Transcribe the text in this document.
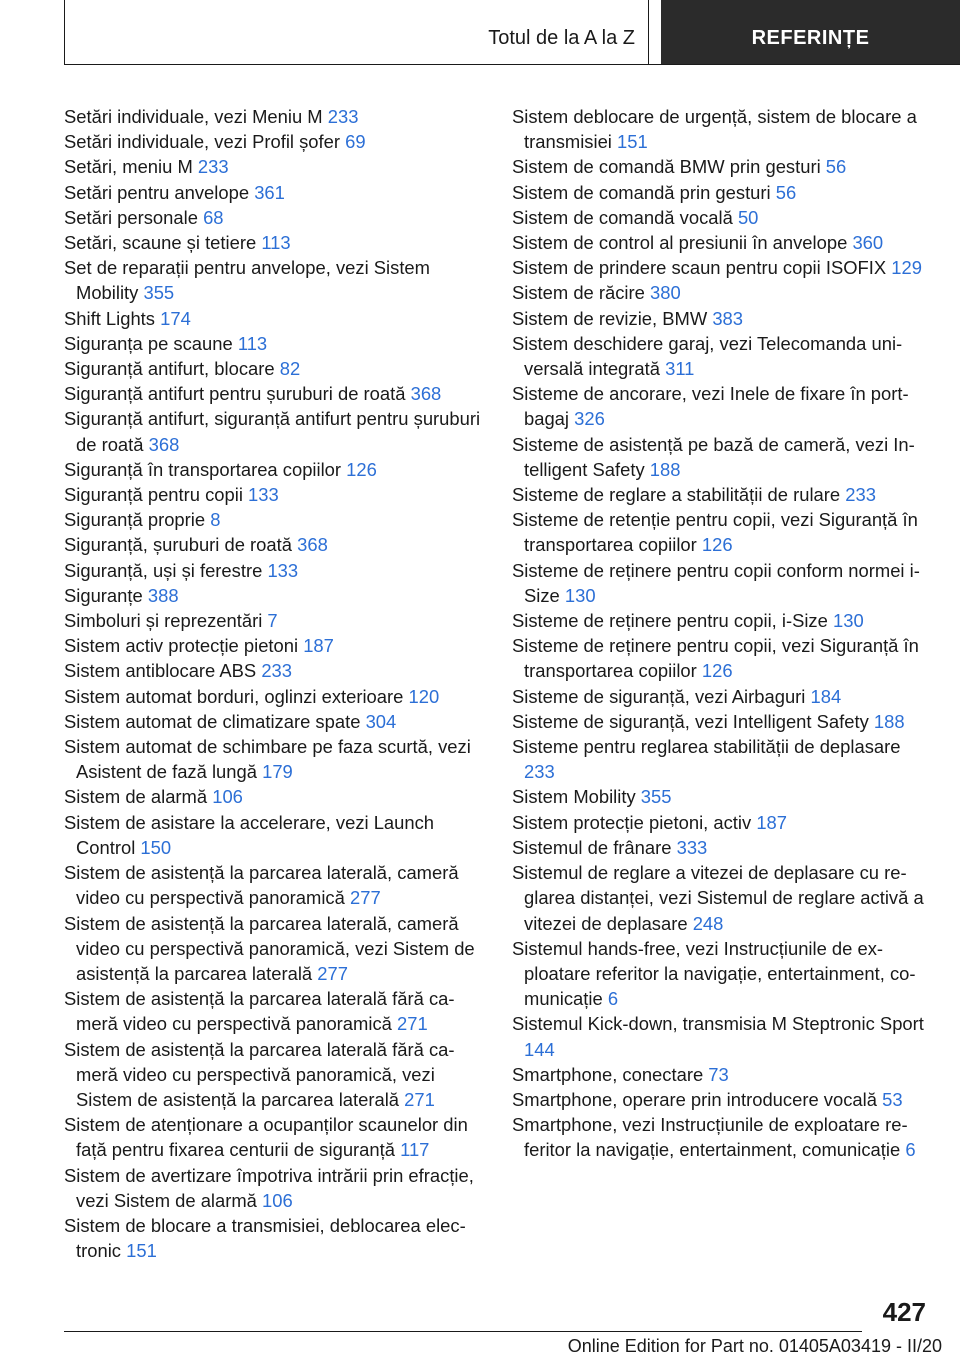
Totul de la A la Z	REFERINȚE
Setări individuale, vezi Meniu M 233
Setări individuale, vezi Profil șofer 69
Setări, meniu M 233
Setări pentru anvelope 361
Setări personale 68
Setări, scaune și tetiere 113
Set de reparații pentru anvelope, vezi Sistem Mobility 355
Shift Lights 174
Siguranța pe scaune 113
Siguranță antifurt, blocare 82
Siguranță antifurt pentru șuruburi de roată 368
Siguranță antifurt, siguranță antifurt pentru șuruburi de roată 368
Siguranță în transportarea copiilor 126
Siguranță pentru copii 133
Siguranță proprie 8
Siguranță, șuruburi de roată 368
Siguranță, uși și ferestre 133
Siguranțe 388
Simboluri și reprezentări 7
Sistem activ protecție pietoni 187
Sistem antiblocare ABS 233
Sistem automat borduri, oglinzi exterioare 120
Sistem automat de climatizare spate 304
Sistem automat de schimbare pe faza scurtă, vezi Asistent de fază lungă 179
Sistem de alarmă 106
Sistem de asistare la accelerare, vezi Launch Control 150
Sistem de asistență la parcarea laterală, cameră video cu perspectivă panoramică 277
Sistem de asistență la parcarea laterală, cameră video cu perspectivă panoramică, vezi Sistem de asistență la parcarea laterală 277
Sistem de asistență la parcarea laterală fără cameră video cu perspectivă panoramică 271
Sistem de asistență la parcarea laterală fără cameră video cu perspectivă panoramică, vezi Sistem de asistență la parcarea laterală 271
Sistem de atenționare a ocupanților scaunelor din față pentru fixarea centurii de siguranță 117
Sistem de avertizare împotriva intrării prin efracție, vezi Sistem de alarmă 106
Sistem de blocare a transmisiei, deblocarea electronic 151
Sistem deblocare de urgență, sistem de blocare a transmisiei 151
Sistem de comandă BMW prin gesturi 56
Sistem de comandă prin gesturi 56
Sistem de comandă vocală 50
Sistem de control al presiunii în anvelope 360
Sistem de prindere scaun pentru copii ISOFIX 129
Sistem de răcire 380
Sistem de revizie, BMW 383
Sistem deschidere garaj, vezi Telecomanda universală integrată 311
Sisteme de ancorare, vezi Inele de fixare în portbagaj 326
Sisteme de asistență pe bază de cameră, vezi Intelligent Safety 188
Sisteme de reglare a stabilității de rulare 233
Sisteme de retenție pentru copii, vezi Siguranță în transportarea copiilor 126
Sisteme de reținere pentru copii conform normei i-Size 130
Sisteme de reținere pentru copii, i-Size 130
Sisteme de reținere pentru copii, vezi Siguranță în transportarea copiilor 126
Sisteme de siguranță, vezi Airbaguri 184
Sisteme de siguranță, vezi Intelligent Safety 188
Sisteme pentru reglarea stabilității de deplasare 233
Sistem Mobility 355
Sistem protecție pietoni, activ 187
Sistemul de frânare 333
Sistemul de reglare a vitezei de deplasare cu reglarea distanței, vezi Sistemul de reglare activă a vitezei de deplasare 248
Sistemul hands-free, vezi Instrucțiunile de exploatare referitor la navigație, entertainment, comunicație 6
Sistemul Kick-down, transmisia M Steptronic Sport 144
Smartphone, conectare 73
Smartphone, operare prin introducere vocală 53
Smartphone, vezi Instrucțiunile de exploatare referitor la navigație, entertainment, comunicație 6
427
Online Edition for Part no. 01405A03419 - II/20
